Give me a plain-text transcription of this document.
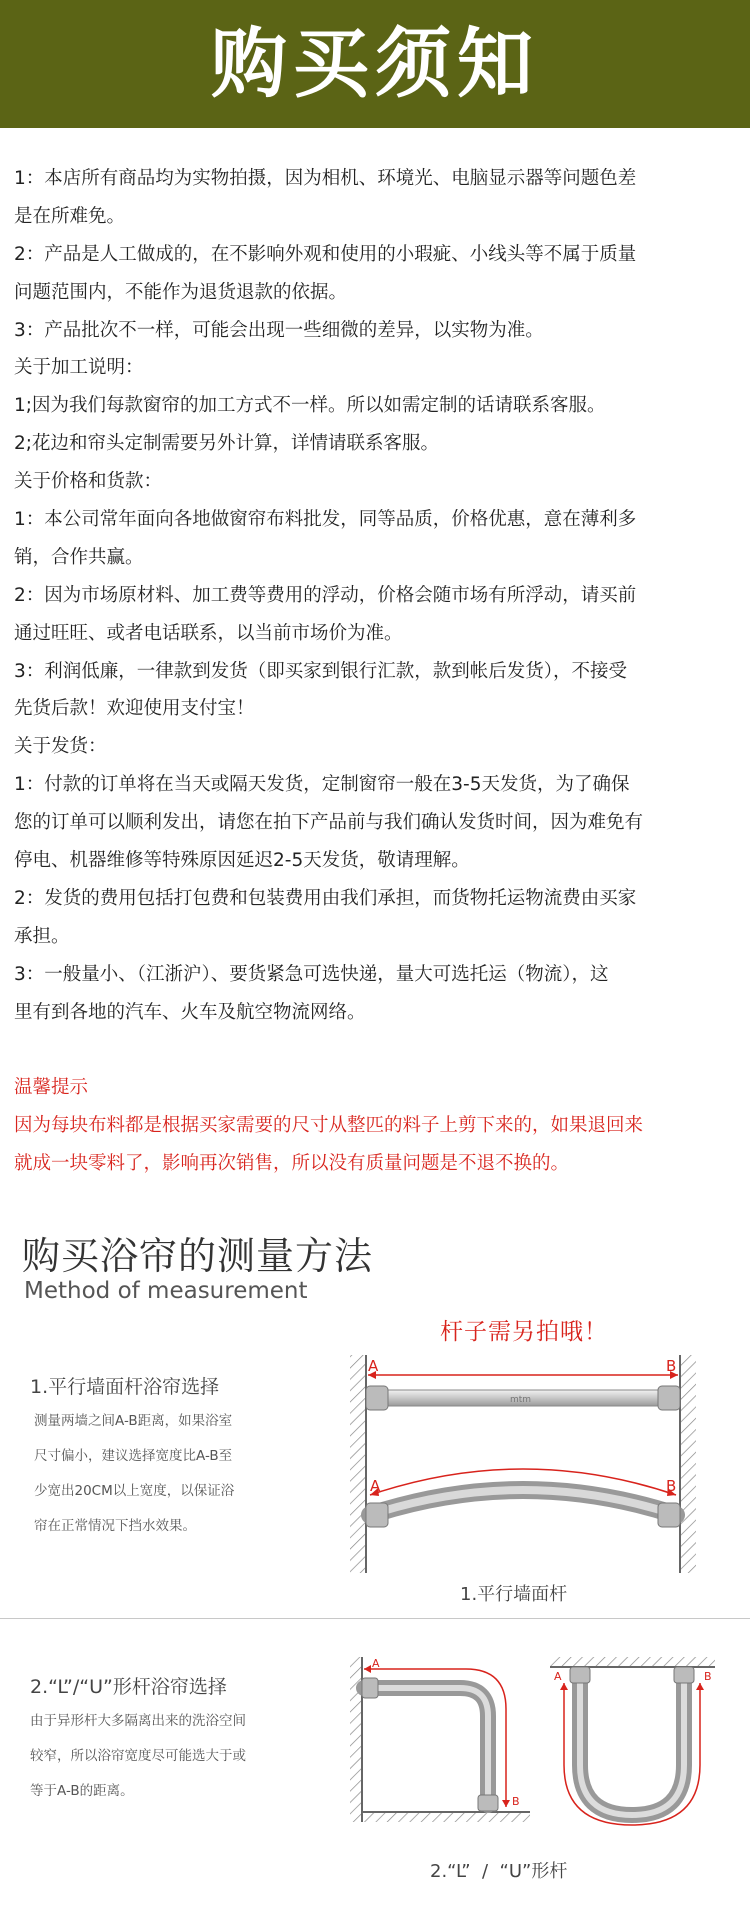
购买须知
1：本店所有商品均为实物拍摄，因为相机、环境光、电脑显示器等问题色差
是在所难免。
2：产品是人工做成的，在不影响外观和使用的小瑕疵、小线头等不属于质量
问题范围内，不能作为退货退款的依据。
3：产品批次不一样，可能会出现一些细微的差异，以实物为准。
关于加工说明：
1;因为我们每款窗帘的加工方式不一样。所以如需定制的话请联系客服。
2;花边和帘头定制需要另外计算，详情请联系客服。
关于价格和货款：
1：本公司常年面向各地做窗帘布料批发，同等品质，价格优惠，意在薄利多
销，合作共赢。
2：因为市场原材料、加工费等费用的浮动，价格会随市场有所浮动，请买前
通过旺旺、或者电话联系，以当前市场价为准。
3：利润低廉，一律款到发货（即买家到银行汇款，款到帐后发货），不接受
先货后款！欢迎使用支付宝！
关于发货：
1：付款的订单将在当天或隔天发货，定制窗帘一般在3-5天发货，为了确保
您的订单可以顺利发出，请您在拍下产品前与我们确认发货时间，因为难免有
停电、机器维修等特殊原因延迟2-5天发货，敬请理解。
2：发货的费用包括打包费和包装费用由我们承担，而货物托运物流费由买家
承担。
3：一般量小、（江浙沪）、要货紧急可选快递，量大可选托运（物流），这
里有到各地的汽车、火车及航空物流网络。
温馨提示
因为每块布料都是根据买家需要的尺寸从整匹的料子上剪下来的，如果退回来
就成一块零料了，影响再次销售，所以没有质量问题是不退不换的。
购买浴帘的测量方法
Method of measurement
杆子需另拍哦！
1.平行墙面杆浴帘选择
测量两墙之间A-B距离，如果浴室
尺寸偏小，建议选择宽度比A-B至
少宽出20CM以上宽度，以保证浴
帘在正常情况下挡水效果。
mtm
A	B
A	B
1.平行墙面杆
2.“L”/“U”形杆浴帘选择
由于异形杆大多隔离出来的洗浴空间
较窄，所以浴帘宽度尽可能选大于或
等于A-B的距离。
A
B
A	B
2.“L”  /  “U”形杆
